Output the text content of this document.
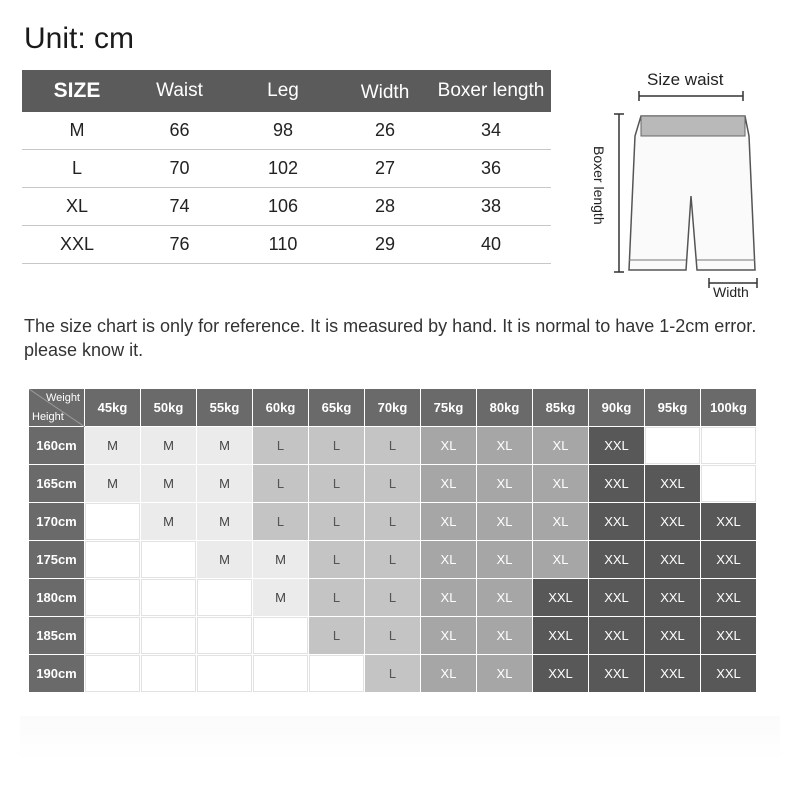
Unit: cm
SIZE	Waist	Leg	Width	Boxer length
M	66	98	26	34
L	70	102	27	36
XL	74	106	28	38
XXL	76	110	29	40
Size waist
Boxer length
Width
The size chart is only for reference. It is measured by hand. It is normal to have 1-2cm error. please know it.
Weight
Height	45kg	50kg	55kg	60kg	65kg	70kg	75kg	80kg	85kg	90kg	95kg	100kg
160cm	M	M	M	L	L	L	XL	XL	XL	XXL		
165cm	M	M	M	L	L	L	XL	XL	XL	XXL	XXL	
170cm		M	M	L	L	L	XL	XL	XL	XXL	XXL	XXL
175cm			M	M	L	L	XL	XL	XL	XXL	XXL	XXL
180cm				M	L	L	XL	XL	XXL	XXL	XXL	XXL
185cm					L	L	XL	XL	XXL	XXL	XXL	XXL
190cm						L	XL	XL	XXL	XXL	XXL	XXL
